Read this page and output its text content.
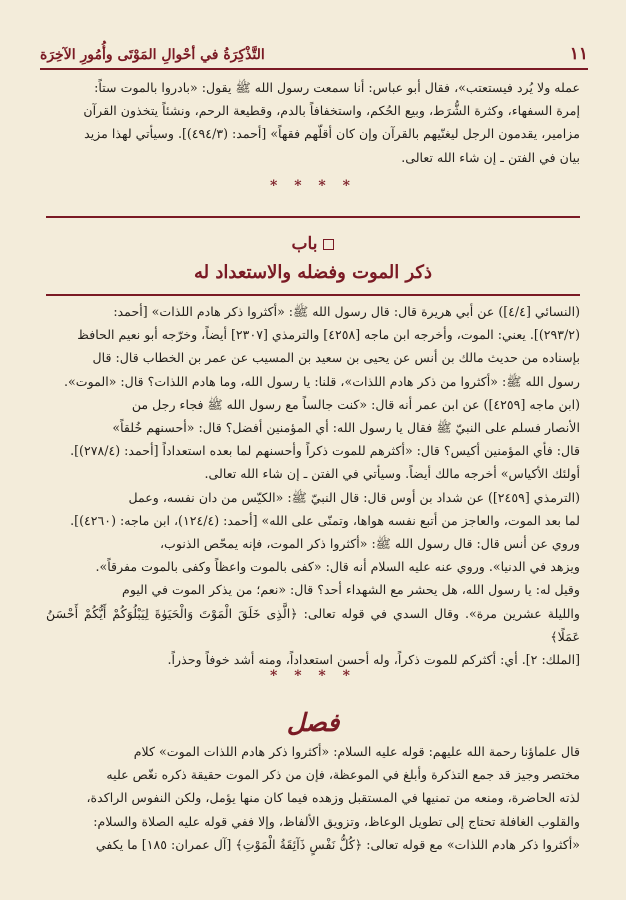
١١
التَّذْكِرَةُ في أحْوالِ المَوْتَى وأُمُورِ الآخِرَة

عمله ولا يُرد فيستعتب»، فقال أبو عباس: أنا سمعت رسول الله ﷺ يقول: «بادروا بالموت ستاً:

إمرة السفهاء، وكثرة الشُّرَط، وبيع الحُكم، واستخفافاً بالدم، وقطيعة الرحم، ونشئاً يتخذون القرآن

مزامير، يقدمون الرجل ليغنّيهم بالقرآن وإن كان أقلّهم فقهاً» [أحمد: (٤٩٤/٣)]. وسيأتي لهذا مزيد

بيان في الفتن ـ إن شاء الله تعالى.

* * * *
باب
ذكر الموت وفضله والاستعداد له

(النسائي [٤/٤]) عن أبي هريرة قال: قال رسول الله ﷺ: «أكثروا ذكر هادم اللذات» [أحمد:

(٢٩٣/٢)]. يعني: الموت، وأخرجه ابن ماجه [٤٢٥٨] والترمذي [٢٣٠٧] أيضاً، وخرّجه أبو نعيم الحافظ

بإسناده من حديث مالك بن أنس عن يحيى بن سعيد بن المسيب عن عمر بن الخطاب قال: قال

رسول الله ﷺ: «أكثروا من ذكر هادم اللذات»، قلنا: يا رسول الله، وما هادم اللذات؟ قال: «الموت».

(ابن ماجه [٤٢٥٩]) عن ابن عمر أنه قال: «كنت جالساً مع رسول الله ﷺ فجاء رجل من

الأنصار فسلم على النبيّ ﷺ فقال يا رسول الله: أي المؤمنين أفضل؟ قال: «أحسنهم خُلقاً»

قال: فأي المؤمنين أكيس؟ قال: «أكثرهم للموت ذكراً وأحسنهم لما بعده استعداداً [أحمد: (٢٧٨/٤)].

أولئك الأكياس» أخرجه مالك أيضاً. وسيأتي في الفتن ـ إن شاء الله تعالى.

(الترمذي [٢٤٥٩]) عن شداد بن أوس قال: قال النبيّ ﷺ: «الكيّس من دان نفسه، وعمل

لما بعد الموت، والعاجز من أتبع نفسه هواها، وتمنّى على الله» [أحمد: (١٢٤/٤)، ابن ماجه: (٤٢٦٠)].

وروي عن أنس قال: قال رسول الله ﷺ: «أكثروا ذكر الموت، فإنه يمحّص الذنوب،

ويزهد في الدنيا». وروي عنه عليه السلام أنه قال: «كفى بالموت واعظاً وكفى بالموت مفرقاً».

وقيل له: يا رسول الله، هل يحشر مع الشهداء أحد؟ قال: «نعم؛ من يذكر الموت في اليوم

والليلة عشرين مرة». وقال السدي في قوله تعالى: ﴿الَّذِى خَلَقَ الْمَوْتَ وَالْحَيَوٰةَ لِيَبْلُوَكُمْ أَيُّكُمْ أَحْسَنُ عَمَلًا﴾

[الملك: ٢]. أي: أكثركم للموت ذكراً، وله أحسن استعداداً، ومنه أشد خوفاً وحذراً.

* * * *
فصل

قال علماؤنا رحمة الله عليهم: قوله عليه السلام: «أكثروا ذكر هادم اللذات الموت» كلام

مختصر وجيز قد جمع التذكرة وأبلغ في الموعظة، فإن من ذكر الموت حقيقة ذكره نغّص عليه

لذته الحاضرة، ومنعه من تمنيها في المستقبل وزهده فيما كان منها يؤمل، ولكن النفوس الراكدة،

والقلوب الغافلة تحتاج إلى تطويل الوعاظ، وتزويق الألفاظ، وإلا ففي قوله عليه الصلاة والسلام:

«أكثروا ذكر هادم اللذات» مع قوله تعالى: ﴿كُلُّ نَفْسٍ ذَآئِقَةُ الْمَوْتِ﴾ [آل عمران: ١٨٥] ما يكفي
